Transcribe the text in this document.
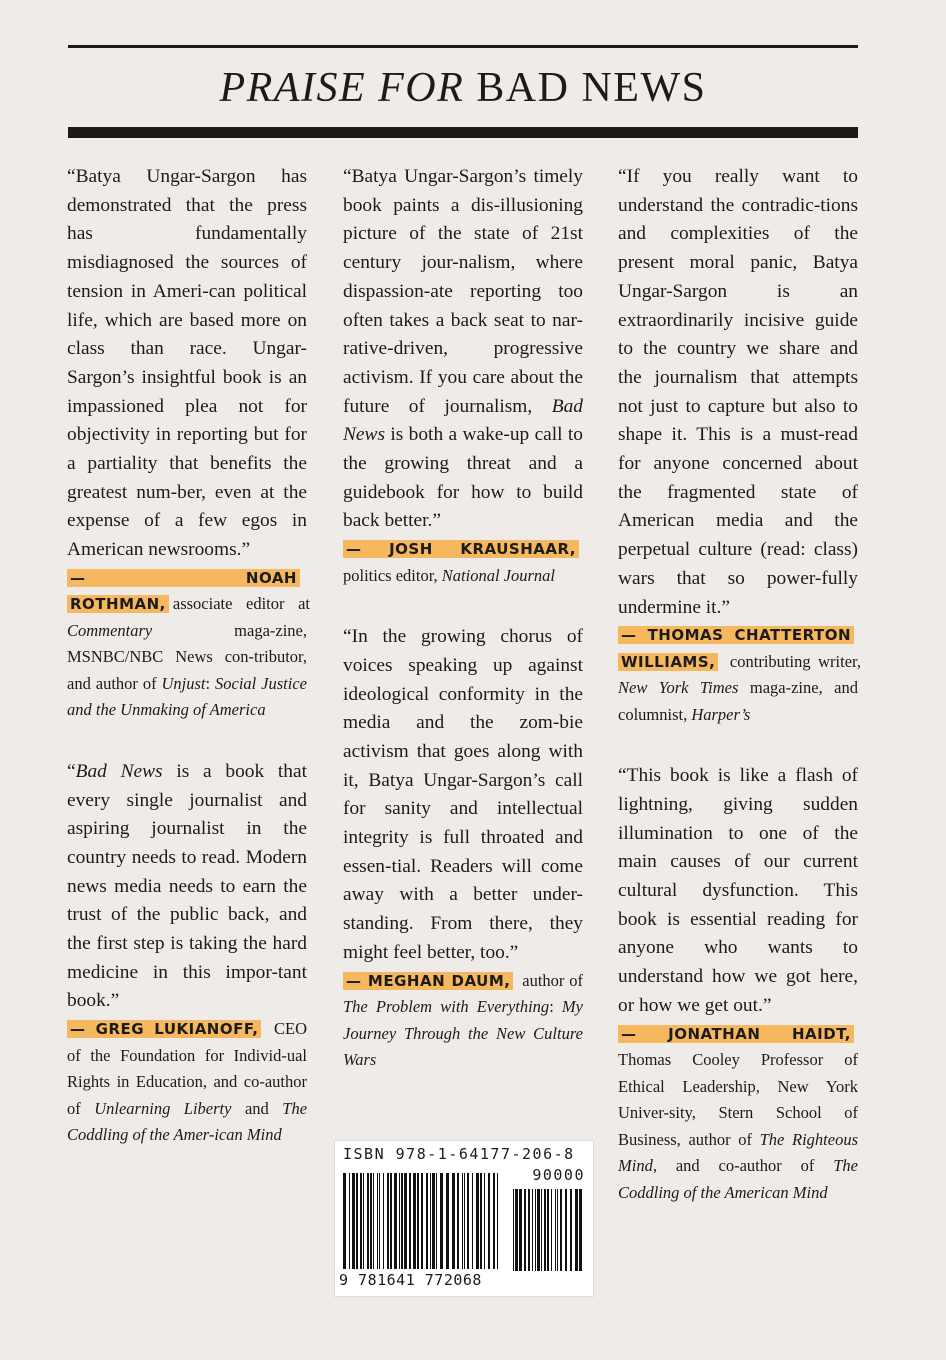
PRAISE FOR BAD NEWS

“Batya Ungar-Sargon has demonstrated that the press has fundamentally misdiagnosed the sources of tension in Ameri-can political life, which are based more on class than race. Ungar-Sargon’s insightful book is an impassioned plea not for objectivity in reporting but for a partiality that benefits the greatest num-ber, even at the expense of a few egos in American newsrooms.”

— NOAH ROTHMAN, associate editor at Commentary maga-zine, MSNBC/NBC News con-tributor, and author of Unjust: Social Justice and the Unmaking of America

“Bad News is a book that every single journalist and aspiring journalist in the country needs to read. Modern news media needs to earn the trust of the public back, and the first step is taking the hard medicine in this impor-tant book.”

— GREG LUKIANOFF, CEO of the Foundation for Individ-ual Rights in Education, and co-author of Unlearning Liberty and The Coddling of the Amer-ican Mind

“Batya Ungar-Sargon’s timely book paints a dis-illusioning picture of the state of 21st century jour-nalism, where dispassion-ate reporting too often takes a back seat to nar-rative-driven, progressive activism. If you care about the future of journalism, Bad News is both a wake-up call to the growing threat and a guidebook for how to build back better.”

— JOSH KRAUSHAAR, politics editor, National Journal

“In the growing chorus of voices speaking up against ideological conformity in the media and the zom-bie activism that goes along with it, Batya Ungar-Sargon’s call for sanity and intellectual integrity is full throated and essen-tial. Readers will come away with a better under-standing. From there, they might feel better, too.”

— MEGHAN DAUM, author of The Problem with Everything: My Journey Through the New Culture Wars

“If you really want to understand the contradic-tions and complexities of the present moral panic, Batya Ungar-Sargon is an extraordinarily incisive guide to the country we share and the journalism that attempts not just to capture but also to shape it. This is a must-read for anyone concerned about the fragmented state of American media and the perpetual culture (read: class) wars that so power-fully undermine it.”

— THOMAS CHATTERTON WILLIAMS, contributing writer, New York Times maga-zine, and columnist, Harper’s

“This book is like a flash of lightning, giving sudden illumination to one of the main causes of our current cultural dysfunction. This book is essential reading for anyone who wants to understand how we got here, or how we get out.”

— JONATHAN HAIDT, Thomas Cooley Professor of Ethical Leadership, New York Univer-sity, Stern School of Business, author of The Righteous Mind, and co-author of The Coddling of the American Mind

ISBN 978-1-64177-206-8
90000
9 781641 772068
